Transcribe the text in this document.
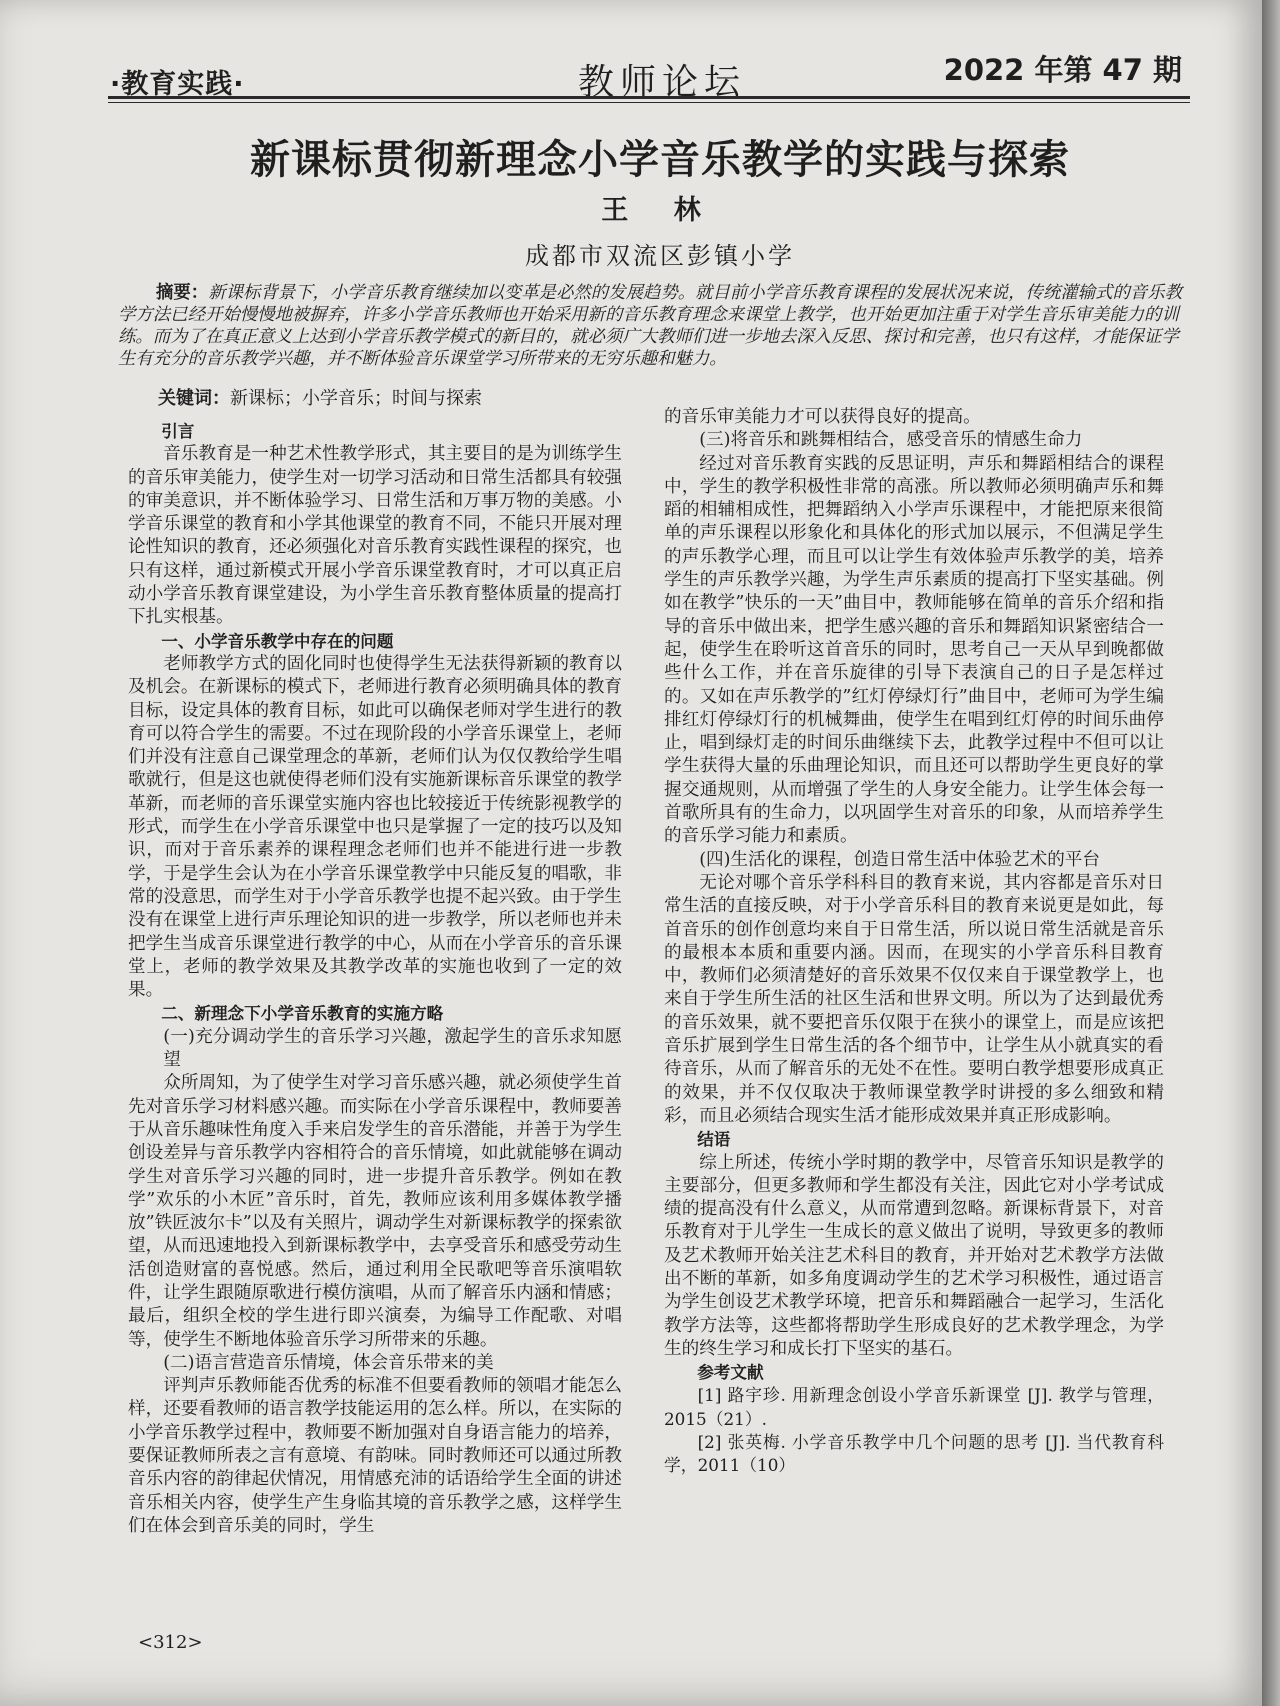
·教育实践·	教师论坛	2022 年第 47 期
新课标贯彻新理念小学音乐教学的实践与探索
王 林
成都市双流区彭镇小学
摘要：新课标背景下，小学音乐教育继续加以变革是必然的发展趋势。就目前小学音乐教育课程的发展状况来说，传统灌输式的音乐教学方法已经开始慢慢地被摒弃，许多小学音乐教师也开始采用新的音乐教育理念来课堂上教学，也开始更加注重于对学生音乐审美能力的训练。而为了在真正意义上达到小学音乐教学模式的新目的，就必须广大教师们进一步地去深入反思、探讨和完善，也只有这样，才能保证学生有充分的音乐教学兴趣，并不断体验音乐课堂学习所带来的无穷乐趣和魅力。
关键词：新课标；小学音乐；时间与探索
引言

音乐教育是一种艺术性教学形式，其主要目的是为训练学生的音乐审美能力，使学生对一切学习活动和日常生活都具有较强的审美意识，并不断体验学习、日常生活和万事万物的美感。小学音乐课堂的教育和小学其他课堂的教育不同，不能只开展对理论性知识的教育，还必须强化对音乐教育实践性课程的探究，也只有这样，通过新模式开展小学音乐课堂教育时，才可以真正启动小学音乐教育课堂建设，为小学生音乐教育整体质量的提高打下扎实根基。

一、小学音乐教学中存在的问题

老师教学方式的固化同时也使得学生无法获得新颖的教育以及机会。在新课标的模式下，老师进行教育必须明确具体的教育目标，设定具体的教育目标，如此可以确保老师对学生进行的教育可以符合学生的需要。不过在现阶段的小学音乐课堂上，老师们并没有注意自己课堂理念的革新，老师们认为仅仅教给学生唱歌就行，但是这也就使得老师们没有实施新课标音乐课堂的教学革新，而老师的音乐课堂实施内容也比较接近于传统影视教学的形式，而学生在小学音乐课堂中也只是掌握了一定的技巧以及知识，而对于音乐素养的课程理念老师们也并不能进行进一步教学，于是学生会认为在小学音乐课堂教学中只能反复的唱歌，非常的没意思，而学生对于小学音乐教学也提不起兴致。由于学生没有在课堂上进行声乐理论知识的进一步教学，所以老师也并未把学生当成音乐课堂进行教学的中心，从而在小学音乐的音乐课堂上，老师的教学效果及其教学改革的实施也收到了一定的效果。

二、新理念下小学音乐教育的实施方略
(一)充分调动学生的音乐学习兴趣，激起学生的音乐求知愿望

众所周知，为了使学生对学习音乐感兴趣，就必须使学生首先对音乐学习材料感兴趣。而实际在小学音乐课程中，教师要善于从音乐趣味性角度入手来启发学生的音乐潜能，并善于为学生创设差异与音乐教学内容相符合的音乐情境，如此就能够在调动学生对音乐学习兴趣的同时，进一步提升音乐教学。例如在教学”欢乐的小木匠”音乐时，首先，教师应该利用多媒体教学播放”铁匠波尔卡”以及有关照片，调动学生对新课标教学的探索欲望，从而迅速地投入到新课标教学中，去享受音乐和感受劳动生活创造财富的喜悦感。然后，通过利用全民歌吧等音乐演唱软件，让学生跟随原歌进行模仿演唱，从而了解音乐内涵和情感；最后，组织全校的学生进行即兴演奏，为编导工作配歌、对唱等，使学生不断地体验音乐学习所带来的乐趣。

(二)语言营造音乐情境，体会音乐带来的美

评判声乐教师能否优秀的标准不但要看教师的领唱才能怎么样，还要看教师的语言教学技能运用的怎么样。所以，在实际的小学音乐教学过程中，教师要不断加强对自身语言能力的培养，要保证教师所表之言有意境、有韵味。同时教师还可以通过所教音乐内容的韵律起伏情况，用情感充沛的话语给学生全面的讲述音乐相关内容，使学生产生身临其境的音乐教学之感，这样学生们在体会到音乐美的同时，学生

的音乐审美能力才可以获得良好的提高。

(三)将音乐和跳舞相结合，感受音乐的情感生命力

经过对音乐教育实践的反思证明，声乐和舞蹈相结合的课程中，学生的教学积极性非常的高涨。所以教师必须明确声乐和舞蹈的相辅相成性，把舞蹈纳入小学声乐课程中，才能把原来很简单的声乐课程以形象化和具体化的形式加以展示，不但满足学生的声乐教学心理，而且可以让学生有效体验声乐教学的美，培养学生的声乐教学兴趣，为学生声乐素质的提高打下坚实基础。例如在教学”快乐的一天”曲目中，教师能够在简单的音乐介绍和指导的音乐中做出来，把学生感兴趣的音乐和舞蹈知识紧密结合一起，使学生在聆听这首音乐的同时，思考自己一天从早到晚都做些什么工作，并在音乐旋律的引导下表演自己的日子是怎样过的。又如在声乐教学的”红灯停绿灯行”曲目中，老师可为学生编排红灯停绿灯行的机械舞曲，使学生在唱到红灯停的时间乐曲停止，唱到绿灯走的时间乐曲继续下去，此教学过程中不但可以让学生获得大量的乐曲理论知识，而且还可以帮助学生更良好的掌握交通规则，从而增强了学生的人身安全能力。让学生体会每一首歌所具有的生命力，以巩固学生对音乐的印象，从而培养学生的音乐学习能力和素质。

(四)生活化的课程，创造日常生活中体验艺术的平台

无论对哪个音乐学科科目的教育来说，其内容都是音乐对日常生活的直接反映，对于小学音乐科目的教育来说更是如此，每首音乐的创作创意均来自于日常生活，所以说日常生活就是音乐的最根本本质和重要内涵。因而，在现实的小学音乐科目教育中，教师们必须清楚好的音乐效果不仅仅来自于课堂教学上，也来自于学生所生活的社区生活和世界文明。所以为了达到最优秀的音乐效果，就不要把音乐仅限于在狭小的课堂上，而是应该把音乐扩展到学生日常生活的各个细节中，让学生从小就真实的看待音乐，从而了解音乐的无处不在性。要明白教学想要形成真正的效果，并不仅仅取决于教师课堂教学时讲授的多么细致和精彩，而且必须结合现实生活才能形成效果并真正形成影响。

结语

综上所述，传统小学时期的教学中，尽管音乐知识是教学的主要部分，但更多教师和学生都没有关注，因此它对小学考试成绩的提高没有什么意义，从而常遭到忽略。新课标背景下，对音乐教育对于儿学生一生成长的意义做出了说明，导致更多的教师及艺术教师开始关注艺术科目的教育，并开始对艺术教学方法做出不断的革新，如多角度调动学生的艺术学习积极性，通过语言为学生创设艺术教学环境，把音乐和舞蹈融合一起学习，生活化教学方法等，这些都将帮助学生形成良好的艺术教学理念，为学生的终生学习和成长打下坚实的基石。

参考文献

[1] 路宇珍. 用新理念创设小学音乐新课堂 [J]. 教学与管理，2015（21）.

[2] 张英梅. 小学音乐教学中几个问题的思考 [J]. 当代教育科学，2011（10）

<312>
